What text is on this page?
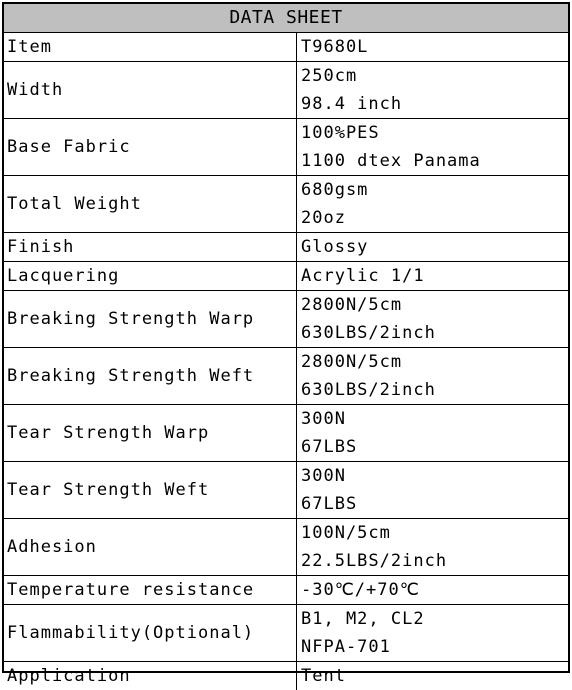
DATA SHEET
Item	T9680L

Width	250cm
98.4 inch

Base Fabric	100%PES
1100 dtex Panama

Total Weight	680gsm
20oz

Finish	Glossy

Lacquering	Acrylic 1/1

Breaking Strength Warp	2800N/5cm
630LBS/2inch

Breaking Strength Weft	2800N/5cm
630LBS/2inch

Tear Strength Warp	300N
67LBS

Tear Strength Weft	300N
67LBS

Adhesion	100N/5cm
22.5LBS/2inch

Temperature resistance	-30℃/+70℃

Flammability(Optional)	B1, M2, CL2
NFPA-701

Application	Tent
